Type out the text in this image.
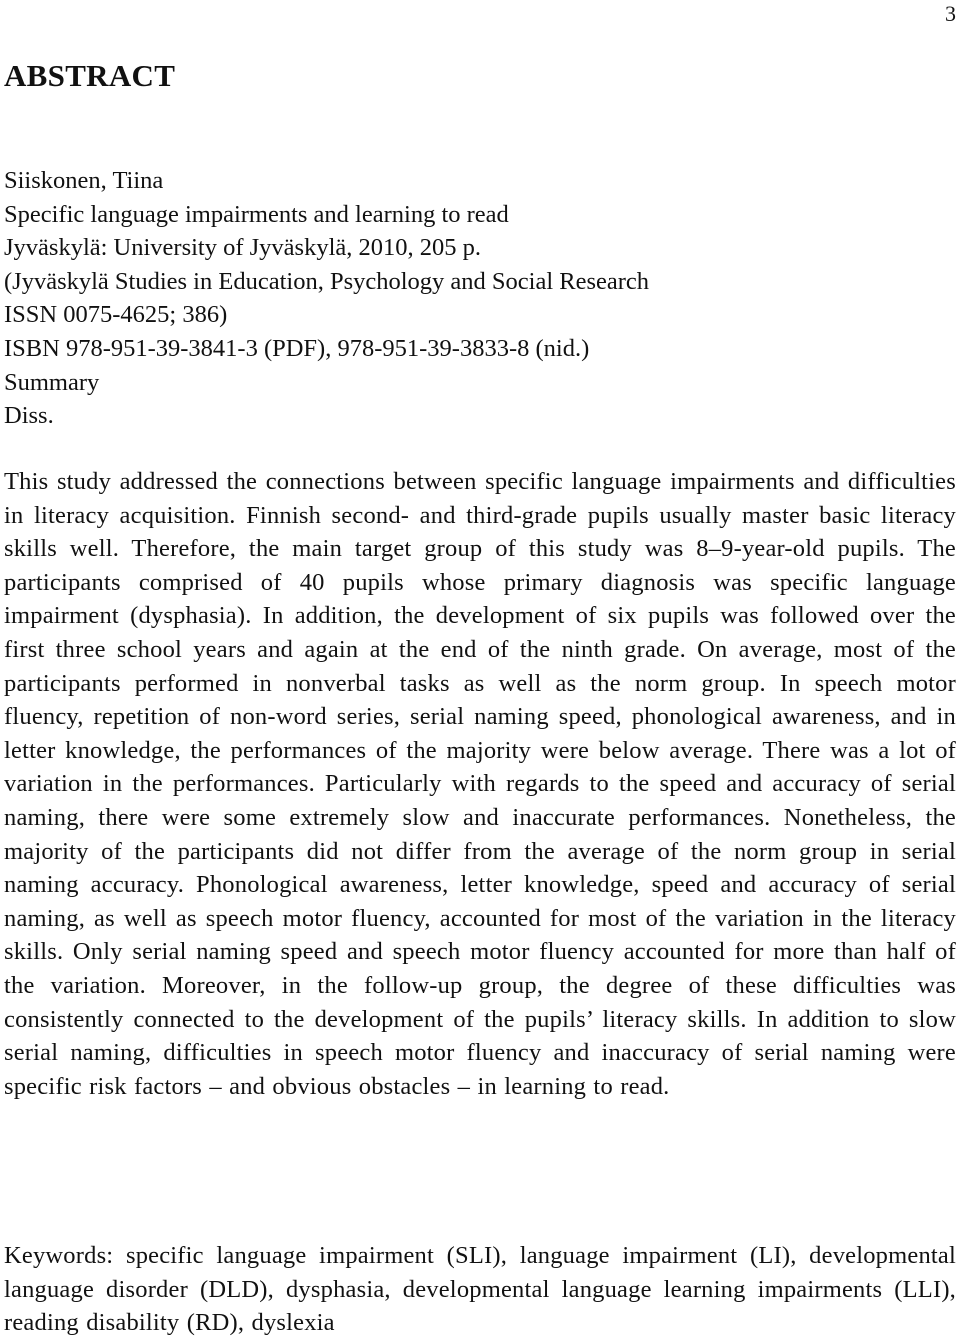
3
ABSTRACT
Siiskonen, Tiina
Specific language impairments and learning to read
Jyväskylä: University of Jyväskylä, 2010, 205 p.
(Jyväskylä Studies in Education, Psychology and Social Research
ISSN 0075-4625; 386)
ISBN 978-951-39-3841-3 (PDF), 978-951-39-3833-8 (nid.)
Summary
Diss.

This study addressed the connections between specific language impairments and difficulties in literacy acquisition. Finnish second- and third-grade pupils usually master basic literacy skills well. Therefore, the main target group of this study was 8–9-year-old pupils. The participants comprised of 40 pupils whose primary diagnosis was specific language impairment (dysphasia). In addition, the development of six pupils was followed over the first three school years and again at the end of the ninth grade. On average, most of the participants performed in nonverbal tasks as well as the norm group. In speech motor fluency, repetition of non-word series, serial naming speed, phonological awareness, and in letter knowledge, the performances of the majority were below average. There was a lot of variation in the performances. Particularly with regards to the speed and accuracy of serial naming, there were some extremely slow and inaccurate performances. Nonetheless, the majority of the participants did not differ from the average of the norm group in serial naming accuracy. Phonological awareness, letter knowledge, speed and accuracy of serial naming, as well as speech motor fluency, accounted for most of the variation in the literacy skills. Only serial naming speed and speech motor fluency accounted for more than half of the variation. Moreover, in the follow-up group, the degree of these difficulties was consistently connected to the development of the pupils’ literacy skills. In addition to slow serial naming, difficulties in speech motor fluency and inaccuracy of serial naming were specific risk factors – and obvious obstacles – in learning to read.

Keywords: specific language impairment (SLI), language impairment (LI), developmental language disorder (DLD), dysphasia, developmental language learning impairments (LLI), reading disability (RD), dyslexia
